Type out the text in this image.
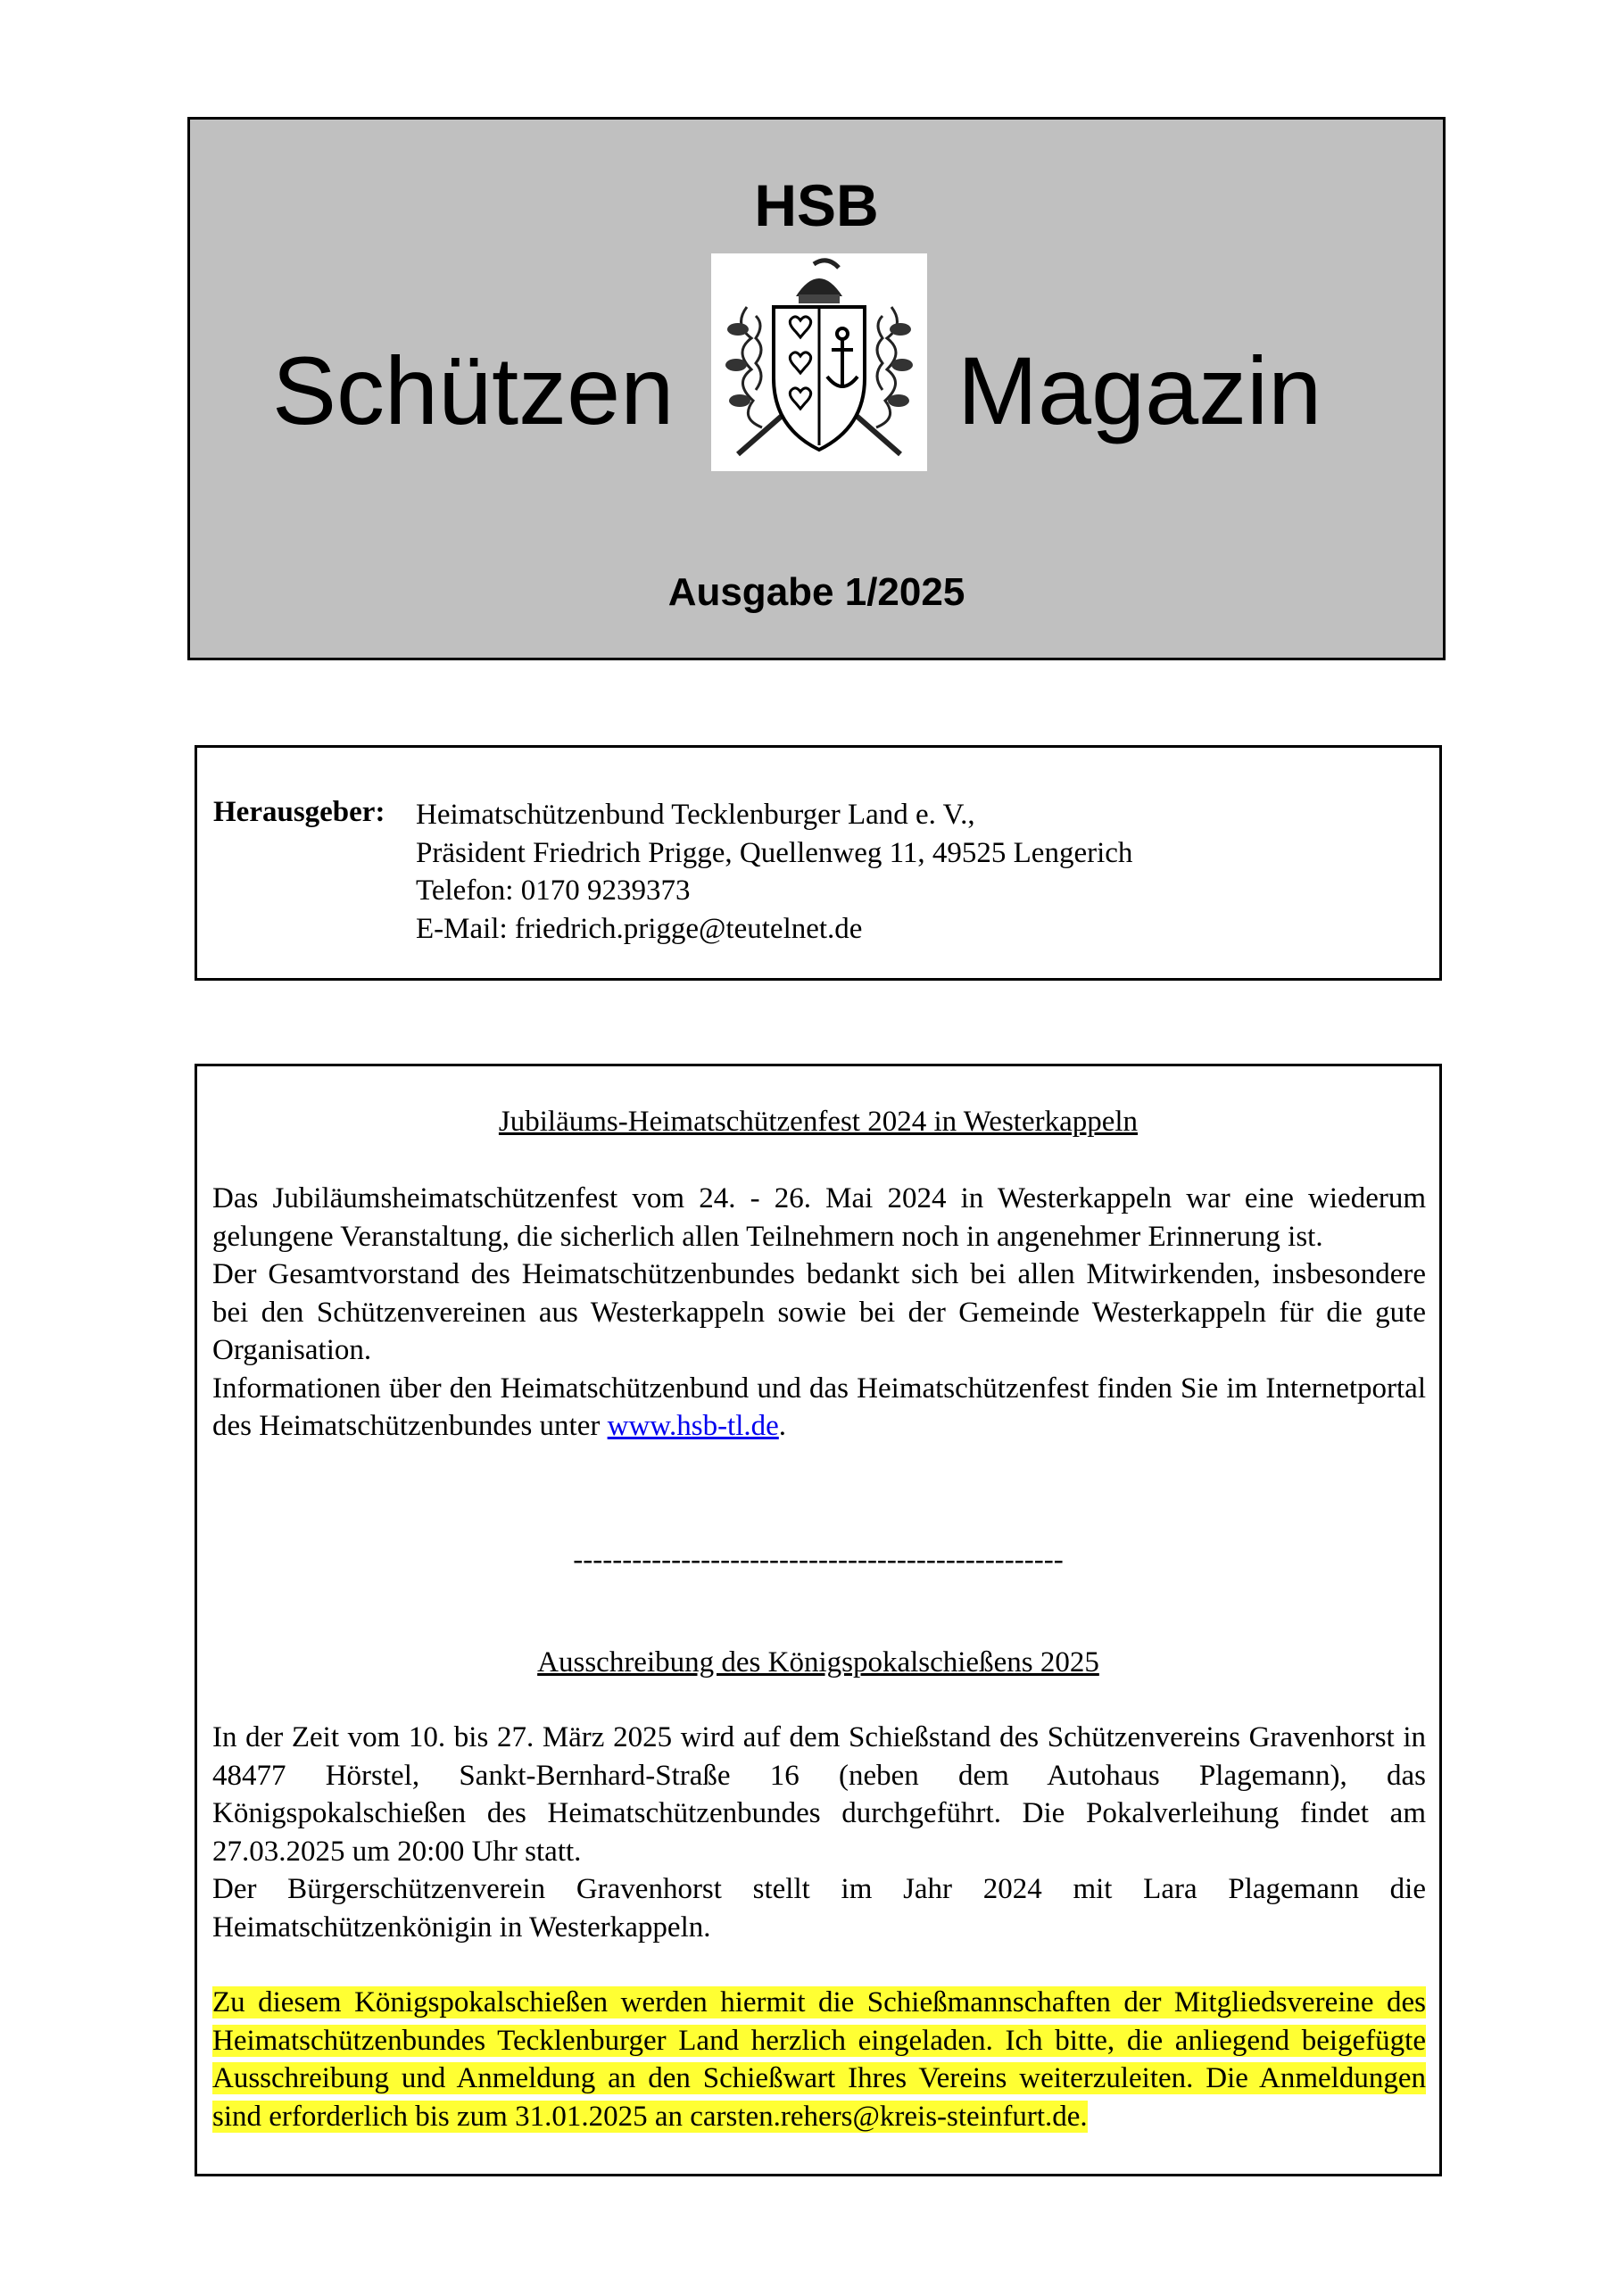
HSB
Schützen	Magazin
Ausgabe 1/2025
Herausgeber: Heimatschützenbund Tecklenburger Land e. V.,
Präsident Friedrich Prigge, Quellenweg 11, 49525 Lengerich
Telefon: 0170 9239373
E-Mail: friedrich.prigge@teutelnet.de
Jubiläums-Heimatschützenfest 2024 in Westerkappeln

Das Jubiläumsheimatschützenfest vom 24. - 26. Mai 2024 in Westerkappeln war eine wiederum gelungene Veranstaltung, die sicherlich allen Teilnehmern noch in angenehmer Erinnerung ist.

Der Gesamtvorstand des Heimatschützenbundes bedankt sich bei allen Mitwirkenden, insbesondere bei den Schützenvereinen aus Westerkappeln sowie bei der Gemeinde Westerkappeln für die gute Organisation.

Informationen über den Heimatschützenbund und das Heimatschützenfest finden Sie im Internetportal des Heimatschützenbundes unter www.hsb-tl.de.

--------------------------------------------------
Ausschreibung des Königspokalschießens 2025

In der Zeit vom 10. bis 27. März 2025 wird auf dem Schießstand des Schützenvereins Gravenhorst in 48477 Hörstel, Sankt-Bernhard-Straße 16 (neben dem Autohaus Plagemann), das Königspokalschießen des Heimatschützenbundes durchgeführt. Die Pokalverleihung findet am 27.03.2025 um 20:00 Uhr statt.

Der Bürgerschützenverein Gravenhorst stellt im Jahr 2024 mit Lara Plagemann die Heimatschützenkönigin in Westerkappeln.

Zu diesem Königspokalschießen werden hiermit die Schießmannschaften der Mitgliedsvereine des Heimatschützenbundes Tecklenburger Land herzlich eingeladen. Ich bitte, die anliegend beigefügte Ausschreibung und Anmeldung an den Schießwart Ihres Vereins weiterzuleiten. Die Anmeldungen sind erforderlich bis zum 31.01.2025 an carsten.rehers@kreis-steinfurt.de.
